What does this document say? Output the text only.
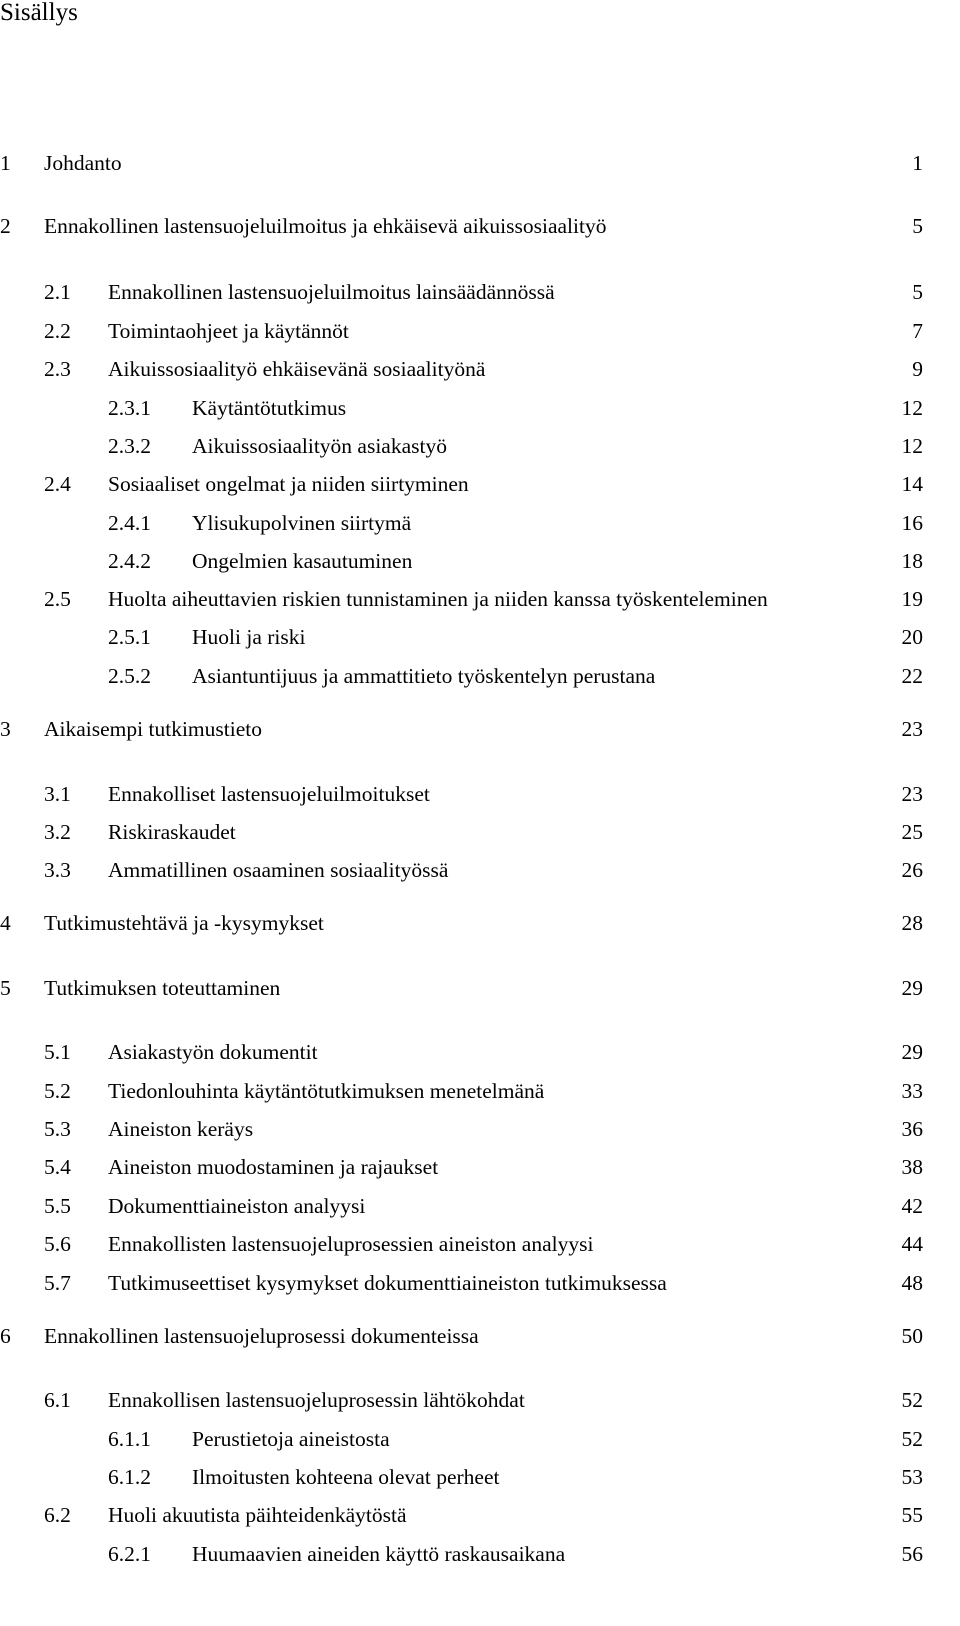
Sisällys
1 Johdanto	1
2 Ennakollinen lastensuojeluilmoitus ja ehkäisevä aikuissosiaalityö	5
2.1 Ennakollinen lastensuojeluilmoitus lainsäädännössä	5
2.2 Toimintaohjeet ja käytännöt	7
2.3 Aikuissosiaalityö ehkäisevänä sosiaalityönä	9
2.3.1 Käytäntötutkimus	12
2.3.2 Aikuissosiaalityön asiakastyö	12
2.4 Sosiaaliset ongelmat ja niiden siirtyminen	14
2.4.1 Ylisukupolvinen siirtymä	16
2.4.2 Ongelmien kasautuminen	18
2.5 Huolta aiheuttavien riskien tunnistaminen ja niiden kanssa työskenteleminen	19
2.5.1 Huoli ja riski	20
2.5.2 Asiantuntijuus ja ammattitieto työskentelyn perustana	22
3 Aikaisempi tutkimustieto	23
3.1 Ennakolliset lastensuojeluilmoitukset	23
3.2 Riskiraskaudet	25
3.3 Ammatillinen osaaminen sosiaalityössä	26
4 Tutkimustehtävä ja -kysymykset	28
5 Tutkimuksen toteuttaminen	29
5.1 Asiakastyön dokumentit	29
5.2 Tiedonlouhinta käytäntötutkimuksen menetelmänä	33
5.3 Aineiston keräys	36
5.4 Aineiston muodostaminen ja rajaukset	38
5.5 Dokumenttiaineiston analyysi	42
5.6 Ennakollisten lastensuojeluprosessien aineiston analyysi	44
5.7 Tutkimuseettiset kysymykset dokumenttiaineiston tutkimuksessa	48
6 Ennakollinen lastensuojeluprosessi dokumenteissa	50
6.1 Ennakollisen lastensuojeluprosessin lähtökohdat	52
6.1.1 Perustietoja aineistosta	52
6.1.2 Ilmoitusten kohteena olevat perheet	53
6.2 Huoli akuutista päihteidenkäytöstä	55
6.2.1 Huumaavien aineiden käyttö raskausaikana	56
